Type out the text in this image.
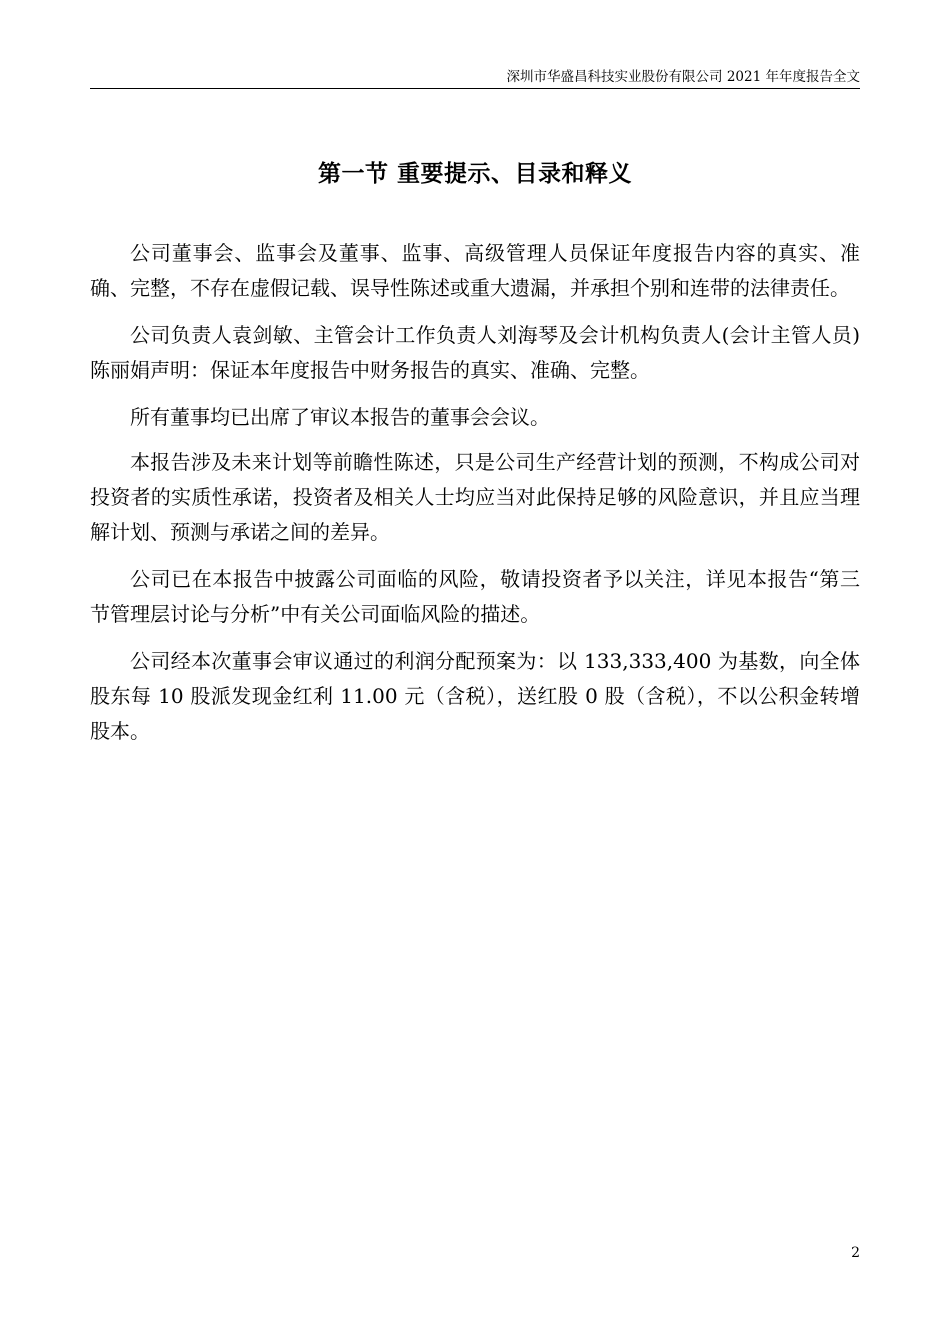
深圳市华盛昌科技实业股份有限公司 2021 年年度报告全文
第一节 重要提示、目录和释义

公司董事会、监事会及董事、监事、高级管理人员保证年度报告内容的真实、准确、完整，不存在虚假记载、误导性陈述或重大遗漏，并承担个别和连带的法律责任。

公司负责人袁剑敏、主管会计工作负责人刘海琴及会计机构负责人(会计主管人员)陈丽娟声明：保证本年度报告中财务报告的真实、准确、完整。

所有董事均已出席了审议本报告的董事会会议。

本报告涉及未来计划等前瞻性陈述，只是公司生产经营计划的预测，不构成公司对投资者的实质性承诺，投资者及相关人士均应当对此保持足够的风险意识，并且应当理解计划、预测与承诺之间的差异。

公司已在本报告中披露公司面临的风险，敬请投资者予以关注，详见本报告“第三节管理层讨论与分析”中有关公司面临风险的描述。

公司经本次董事会审议通过的利润分配预案为：以 133,333,400 为基数，向全体股东每 10 股派发现金红利 11.00 元（含税），送红股 0 股（含税），不以公积金转增股本。

2
